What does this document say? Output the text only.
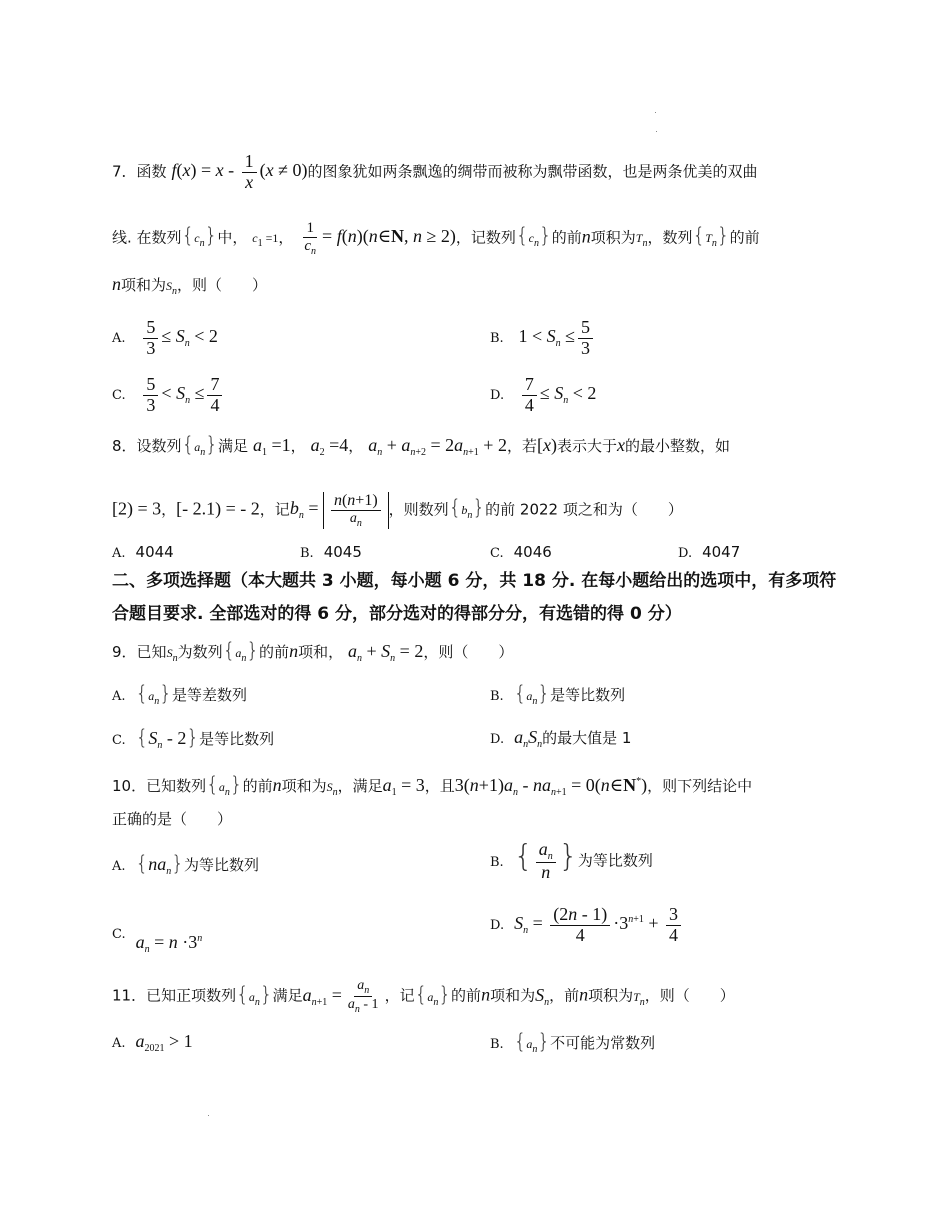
7．函数 $f(x) = x - \frac{1}{x} (x \ne 0)$的图象犹如两条飘逸的绸带而被称为飘带函数，也是两条优美的双曲
线. 在数列$\{c_n\}$中， $c_1 =1$， $\frac{1}{c_n}$ = f(n)(n∈N, n ≥ 2)，记数列$\{c_n\}$的前n项积为$T_n$，数列$\{T_n\}$的前
n项和为$S_n$，则（　　）
A. $\frac{5}{3} \le S_n < 2$	B. $1 < S_n \le \frac{5}{3}$
C. $\frac{5}{3} < S_n \le \frac{7}{4}$	D. $\frac{7}{4} \le S_n < 2$
8．设数列$\{a_n\}$满足 $a_1 =1$， $a_2 =4$， $a_n + a_{n+2} = 2a_{n+1} + 2$，若[x)表示大于x的最小整数，如
[2) = 3，[- 2.1) = - 2，记$b_n = \frac{n(n+1)}{a_n}$ ，则数列$\{b_n\}$的前 2022 项之和为（　　）
A. 4044	B. 4045	C. 4046	D. 4047
二、多项选择题（本大题共 3 小题，每小题 6 分，共 18 分. 在每小题给出的选项中，有多项符合题目要求. 全部选对的得 6 分，部分选对的得部分分，有选错的得 0 分）
9．已知$S_n$为数列$\{a_n\}$的前n项和， $a_n + S_n = 2$，则（　　）
A. $\{a_n\}$是等差数列	B. $\{a_n\}$是等比数列
C. $\{S_n - 2\}$是等比数列	D. $a_nS_n$的最大值是 1
10．已知数列$\{a_n\}$的前n项和为$S_n$，满足$a_1 = 3$，且$3(n+1)a_n - na_{n+1}$ = 0(n∈N*)，则下列结论中
正确的是（　　）
A. $\{na_n\}$为等比数列	B. { $\frac{a_n}{n}$ }为等比数列
C. $a_n = n \cdot 3^n$
D. $S_n = \frac{(2n - 1)}{4} \cdot 3^{n+1} + \frac{3}{4}$
11．已知正项数列$\{a_n\}$满足$a_{n+1} = \frac{a_n}{a_n - 1}$ ，记$\{a_n\}$的前n项和为$S_n$，前n项积为$T_n$，则（　　）
A. $a_{2021} > 1$	B. $\{a_n\}$不可能为常数列
